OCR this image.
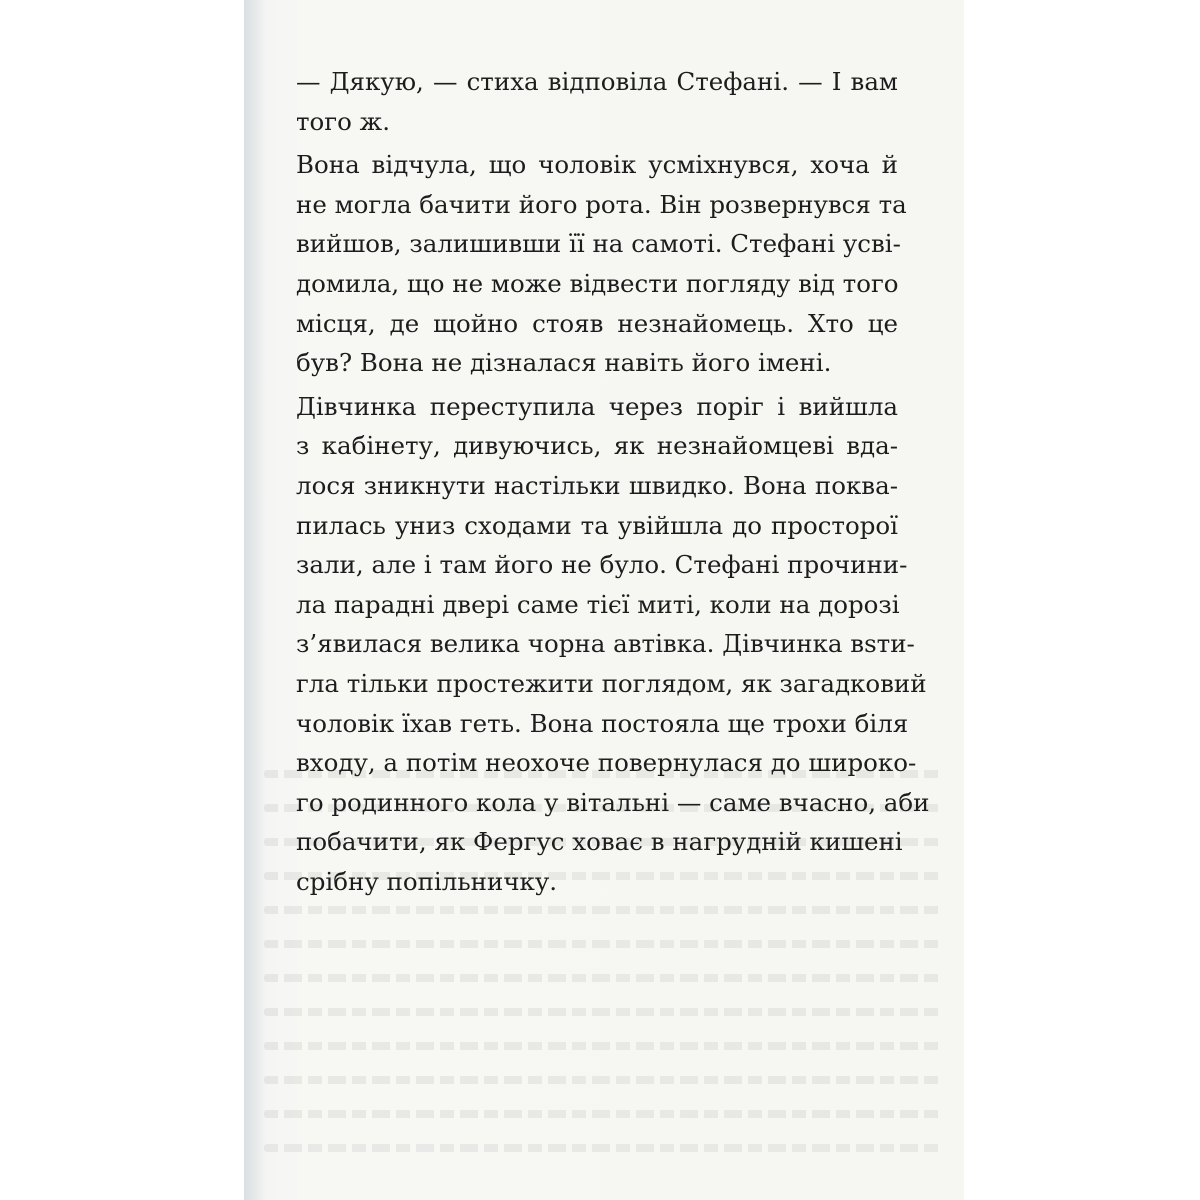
— Дякую, — стиха відповіла Стефані. — І вам
того ж.

Вона відчула, що чоловік усміхнувся, хоча й
не могла бачити його рота. Він розвернувся та
вийшов, залишивши її на самоті. Стефані усві-
домила, що не може відвести погляду від того
місця, де щойно стояв незнайомець. Хто це
був? Вона не дізналася навіть його імені.

Дівчинка переступила через поріг і вийшла
з кабінету, дивуючись, як незнайомцеві вда-
лося зникнути настільки швидко. Вона поква-
пилась униз сходами та увійшла до просторої
зали, але і там його не було. Стефані прочини-
ла парадні двері саме тієї миті, коли на дорозі
з’явилася велика чорна автівка. Дівчинка вsти-
гла тільки простежити поглядом, як загадковий
чоловік їхав геть. Вона постояла ще трохи біля
входу, а потім неохоче повернулася до широко-
го родинного кола у вітальні — саме вчасно, аби
побачити, як Фергус ховає в нагрудній кишені
срібну попільничку.
